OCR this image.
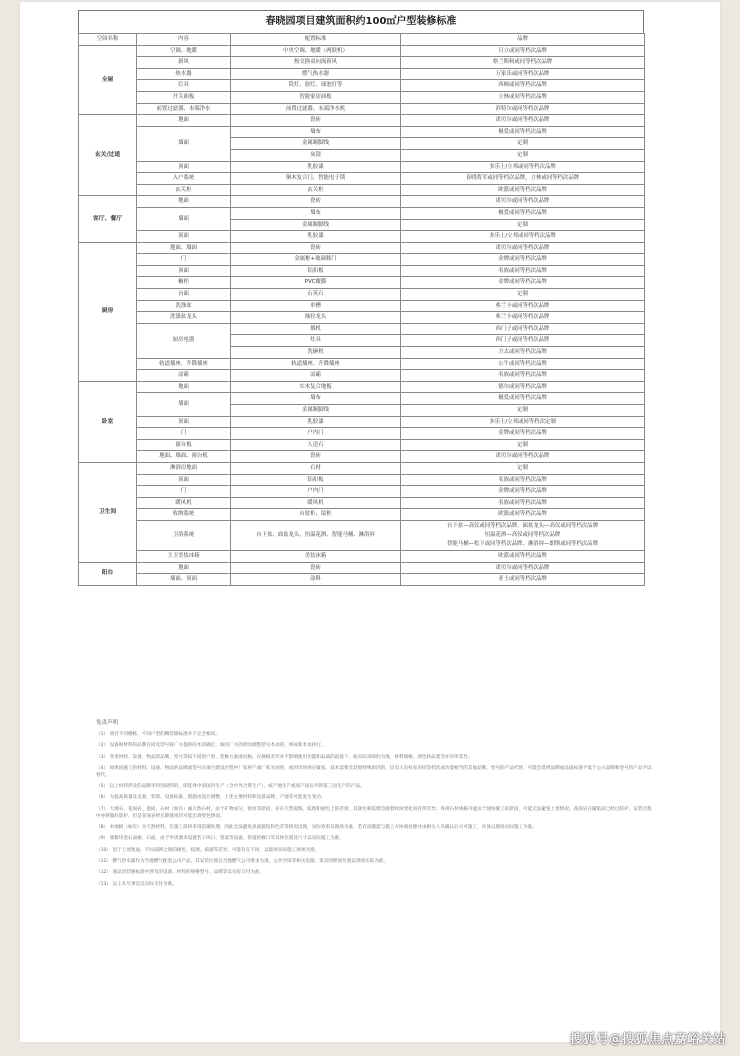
春晓园项目建筑面积约100㎡户型装修标准
空间名称	内容	配置标准	品牌
全屋	空调、地暖	中央空调、地暖（两联机）	日立或同等档次品牌
	新风	热交换双向流新风	格兰斯柯或同等档次品牌
	热水器	燃气热水器	万家乐或同等档次品牌
	灯具	筒灯、射灯、球泡灯等	西顿或同等档次品牌
	开关面板	智能家居面板	立林或同等档次品牌
	前置过滤器、末端净水	前置过滤器、末端净水机	滨特尔或同等档次品牌
玄关/过道	地面	瓷砖	诺贝尔或同等档次品牌
	墙面	墙布	极爱或同等档次品牌
		金属踢脚线	定制
		灰镜	定制
	顶面	乳胶漆	多乐士/立邦或同等档次品牌
	入户系统	铜木复合门，智能电子锁	春晓将军或同等档次品牌，立林或同等档次品牌
	玄关柜	玄关柜	欧派或同等档次品牌
客厅、餐厅	地面	瓷砖	诺贝尔或同等档次品牌
	墙面	墙布	极爱或同等档次品牌
		金属踢脚线	定制
	顶面	乳胶漆	多乐士/立邦或同等档次品牌
厨房	地面、墙面	瓷砖	诺贝尔或同等档次品牌
	门	金属框+玻璃移门	金牌或同等档次品牌
	顶面	铝扣板	名族或同等档次品牌
	橱柜	PVC覆膜	金牌或同等档次品牌
	台面	石英石	定制
	洗涤盆	单槽	弗兰卡或同等档次品牌
	洗涤盆龙头	抽拉龙头	弗兰卡或同等档次品牌
	厨房电器	烟机	西门子或同等档次品牌
		灶具	西门子或同等档次品牌
		洗碗机	方太或同等档次品牌
	轨道插座、升降插座	轨道插座、升降插座	公牛或同等档次品牌
	凉霸	凉霸	名族或同等档次品牌
卧室	地面	实木复合地板	德尔或同等档次品牌
	墙面	墙布	极爱或同等档次品牌
		金属踢脚线	定制
	顶面	乳胶漆	多乐士/立邦或同等档次定制
	门	户内门	金牌或同等档次品牌
	窗台板	人造石	定制
	地面、墙面、窗台板	瓷砖	诺贝尔或同等档次品牌
卫生间	淋浴房地面	石材	定制
	顶面	铝扣板	名族或同等档次品牌
	门	户内门	金牌或同等档次品牌
	暖风机	暖风机	名族或同等档次品牌
	收纳系统	台盆柜、镜柜	欧派或同等档次品牌
	卫浴系统	台下盆、面盆龙头、恒温花洒、智能马桶、淋浴屏	台下盆—高仪或同等档次品牌、面盆龙头—高仪或同等档次品牌
恒温花洒—高仪或同等档次品牌
智能马桶—松下或同等档次品牌、淋浴屏—朗斯或同等档次品牌

	主卫美妆冰箱	美妆冰箱	欧派或同等档次品牌
阳台	地面	瓷砖	诺贝尔或同等档次品牌
	墙面、顶面	涂料	亚士或同等档次品牌
免责声明
（1） 项目不同楼栋、不同户型的精装修标准并不完全相同。
（2） 设备和材料的品牌在同及型号按厂方提供的术语确定，如因厂方的原因调整型号术语的，则按新术语执行。
（3） 各类材料、设备、物品的品牌、型号等按不同的户型、装修方案或风格，在规格差异并不影响使用功能和品质的前提下，按实际采购的为准，材料规格、颜色和品类等亦有所差异。
（4） 如果因施工的材料、设备、物品的品牌或型号在项目建设过程中厂家停产或厂家关闭的，或因市场供应紧张、技术需要及其他特殊原因的，出卖人有权采用同等档次或功能相当的其他品牌、型号的产品代替，可能会选择品牌或品质标准不低于公示品牌和型号的产品予以替代。
（5） 以上材料涉及的品牌未特别说明的，即选择中国国内生产（含中外合资生产）、或产地生产或原产国以外的第三国生产的产品。
（6） 为提高质量及美观，装饰、设备标准、塔施由设计调整，上述主要材料和设备品牌、产地等可能发生变动。
（7） 大理石、花岗岩、瓷砖、石材（如有）属天然石材，由于矿物成分、密度等原因，存在天然裂缝、纹理和颜色上的差别；其颜色和纹理会随着时间变化而有所差异，各项石材规格可能由于现场施工的原因，可能无法避免上述情况。花岗岩在辅贴前已经过防护，安装过程中亦将做好防护，但是花岗岩经长期使用仍可能出现变色情况。
（8） 木地板（如有）为天然材料，在施工前将采用防潮处理，因此无法避免表面裂纹和色差等情况出现，实际效果以现场为准，若有问题需与施工方协商处理并由相关人员确认后方可施工，具体以现场实际施工为准。
（9） 墙板块金石面板、石面、由于申请要求设置若干风口、管道等设备，管道检修口等具体位置及尺寸以实际施工为准。
（10） 因于上述地面，不同品牌之间的颜色、纹理、质感等差异，可能存在不同，以现场实际施工效果为准。
（11） 燃气热水器作为当地燃气配套公司产品，其安装位置以当地燃气公司要求为准，公共空间等相关电器、家具的摆放位置以现场实际为准。
（12） 商品房装修标准中涉及的设备、材料的规格型号、品牌等以实际交付为准。
（13） 以上未尽事宜以实际交付为准。
搜狐号@搜狐焦点嘉峪关站
